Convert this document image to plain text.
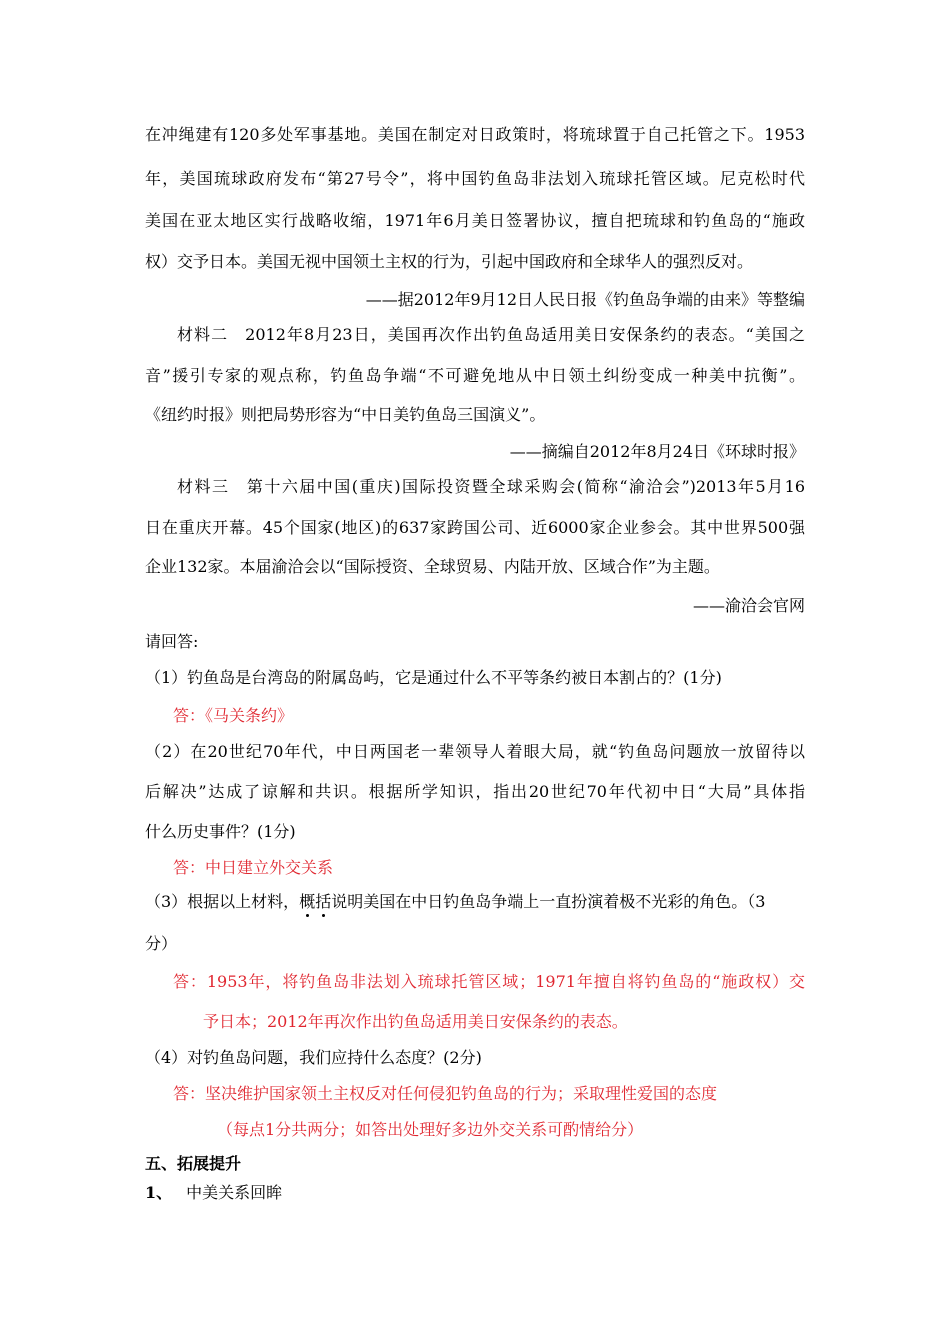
在冲绳建有120多处军事基地。美国在制定对日政策时，将琉球置于自己托管之下。1953
年，美国琉球政府发布“第27号令”，将中国钓鱼岛非法划入琉球托管区域。尼克松时代
美国在亚太地区实行战略收缩，1971年6月美日签署协议，擅自把琉球和钓鱼岛的“施政
权）交予日本。美国无视中国领土主权的行为，引起中国政府和全球华人的强烈反对。
——据2012年9月12日人民日报《钓鱼岛争端的由来》等整编
材料二　2012年8月23日，美国再次作出钓鱼岛适用美日安保条约的表态。“美国之
音”援引专家的观点称，钓鱼岛争端“不可避免地从中日领土纠纷变成一种美中抗衡”。
《纽约时报》则把局势形容为“中日美钓鱼岛三国演义”。
——摘编自2012年8月24日《环球时报》
材料三　第十六届中国(重庆)国际投资暨全球采购会(简称“渝洽会”)2013年5月16
日在重庆开幕。45个国家(地区)的637家跨国公司、近6000家企业参会。其中世界500强
企业132家。本届渝洽会以“国际授资、全球贸易、内陆开放、区域合作”为主题。
——渝洽会官网
请回答:
（1）钓鱼岛是台湾岛的附属岛屿，它是通过什么不平等条约被日本割占的？(1分)
答：《马关条约》
（2）在20世纪70年代，中日两国老一辈领导人着眼大局，就“钓鱼岛问题放一放留待以
后解决”达成了谅解和共识。根据所学知识，指出20世纪70年代初中日“大局”具体指
什么历史事件？(1分)
答：中日建立外交关系
（3）根据以上材料，概括说明美国在中日钓鱼岛争端上一直扮演着极不光彩的角色。（3
分）
答：1953年，将钓鱼岛非法划入琉球托管区域；1971年擅自将钓鱼岛的“施政权）交
予日本；2012年再次作出钓鱼岛适用美日安保条约的表态。
（4）对钓鱼岛问题，我们应持什么态度？(2分)
答：坚决维护国家领土主权反对任何侵犯钓鱼岛的行为；采取理性爱国的态度
（每点1分共两分；如答出处理好多边外交关系可酌情给分）
五、拓展提升
1、 中美关系回眸
